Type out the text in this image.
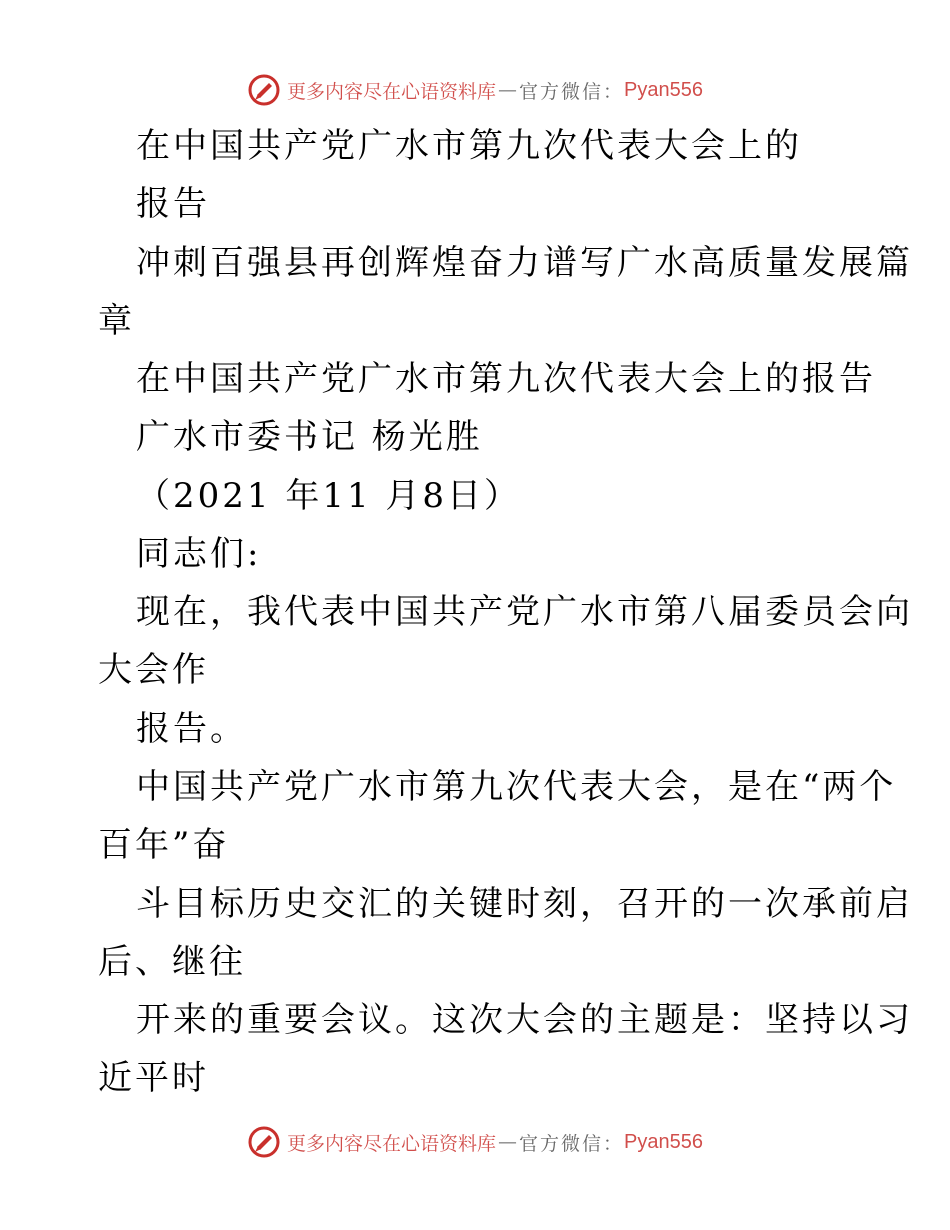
更多内容尽在心语资料库 — 官方微信： Pyan556
在中国共产党广水市第九次代表大会上的
报告
冲刺百强县再创辉煌奋力谱写广水高质量发展篇
章
在中国共产党广水市第九次代表大会上的报告
广水市委书记 杨光胜
（2021 年11 月8日）
同志们:
现在，我代表中国共产党广水市第八届委员会向
大会作
报告。
中国共产党广水市第九次代表大会，是在“两个
百年”奋
斗目标历史交汇的关键时刻，召开的一次承前启
后、继往
开来的重要会议。这次大会的主题是：坚持以习
近平时
更多内容尽在心语资料库 — 官方微信： Pyan556
